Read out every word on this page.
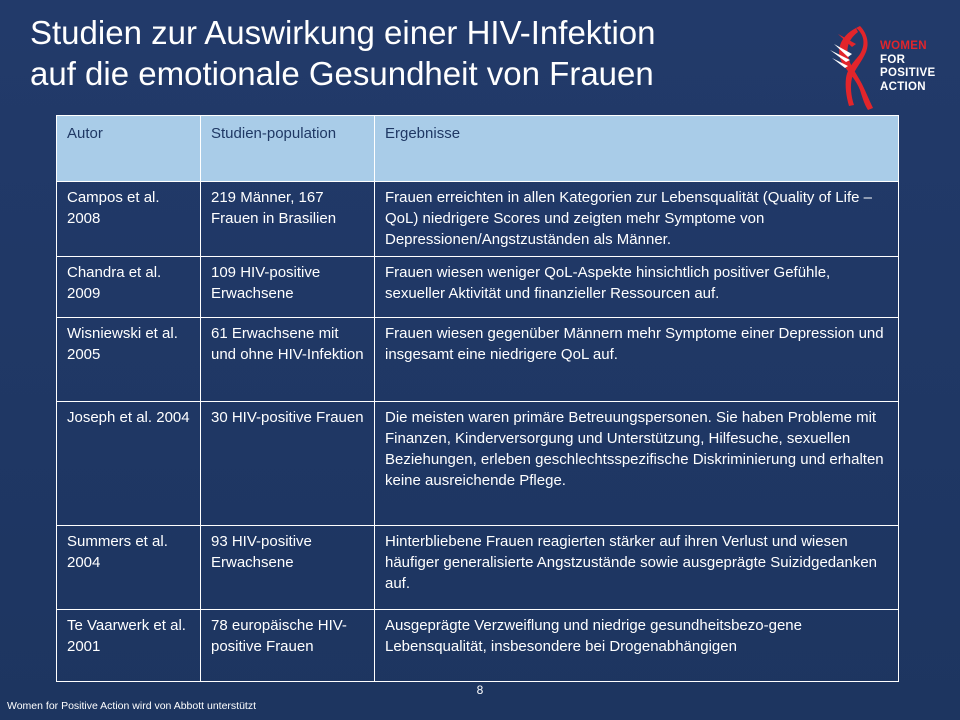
Studien zur Auswirkung einer HIV-Infektion
auf die emotionale Gesundheit von Frauen
WOMEN
FOR
POSITIVE
ACTION
Autor	Studien-population	Ergebnisse
Campos et al. 2008	219 Männer, 167 Frauen in Brasilien	Frauen erreichten in allen Kategorien zur Lebensqualität (Quality of Life – QoL) niedrigere Scores und zeigten mehr Symptome von Depressionen/Angstzuständen als Männer.
Chandra et al. 2009	109 HIV-positive Erwachsene	Frauen wiesen weniger QoL-Aspekte hinsichtlich positiver Gefühle, sexueller Aktivität und finanzieller Ressourcen auf.
Wisniewski et al. 2005	61 Erwachsene mit und ohne HIV-Infektion	Frauen wiesen gegenüber Männern mehr Symptome einer Depression und insgesamt eine niedrigere QoL auf.
Joseph et al. 2004	30 HIV-positive Frauen	Die meisten waren primäre Betreuungspersonen. Sie haben Probleme mit Finanzen, Kinderversorgung und Unterstützung, Hilfesuche, sexuellen Beziehungen, erleben geschlechtsspezifische Diskriminierung und erhalten keine ausreichende Pflege.
Summers et al. 2004	93 HIV-positive Erwachsene	Hinterbliebene Frauen reagierten stärker auf ihren Verlust und wiesen häufiger generalisierte Angstzustände sowie ausgeprägte Suizidgedanken auf.
Te Vaarwerk et al. 2001	78 europäische HIV-positive Frauen	Ausgeprägte Verzweiflung und niedrige gesundheitsbezo-gene Lebensqualität, insbesondere bei Drogenabhängigen
8
Women for Positive Action wird von Abbott unterstützt
